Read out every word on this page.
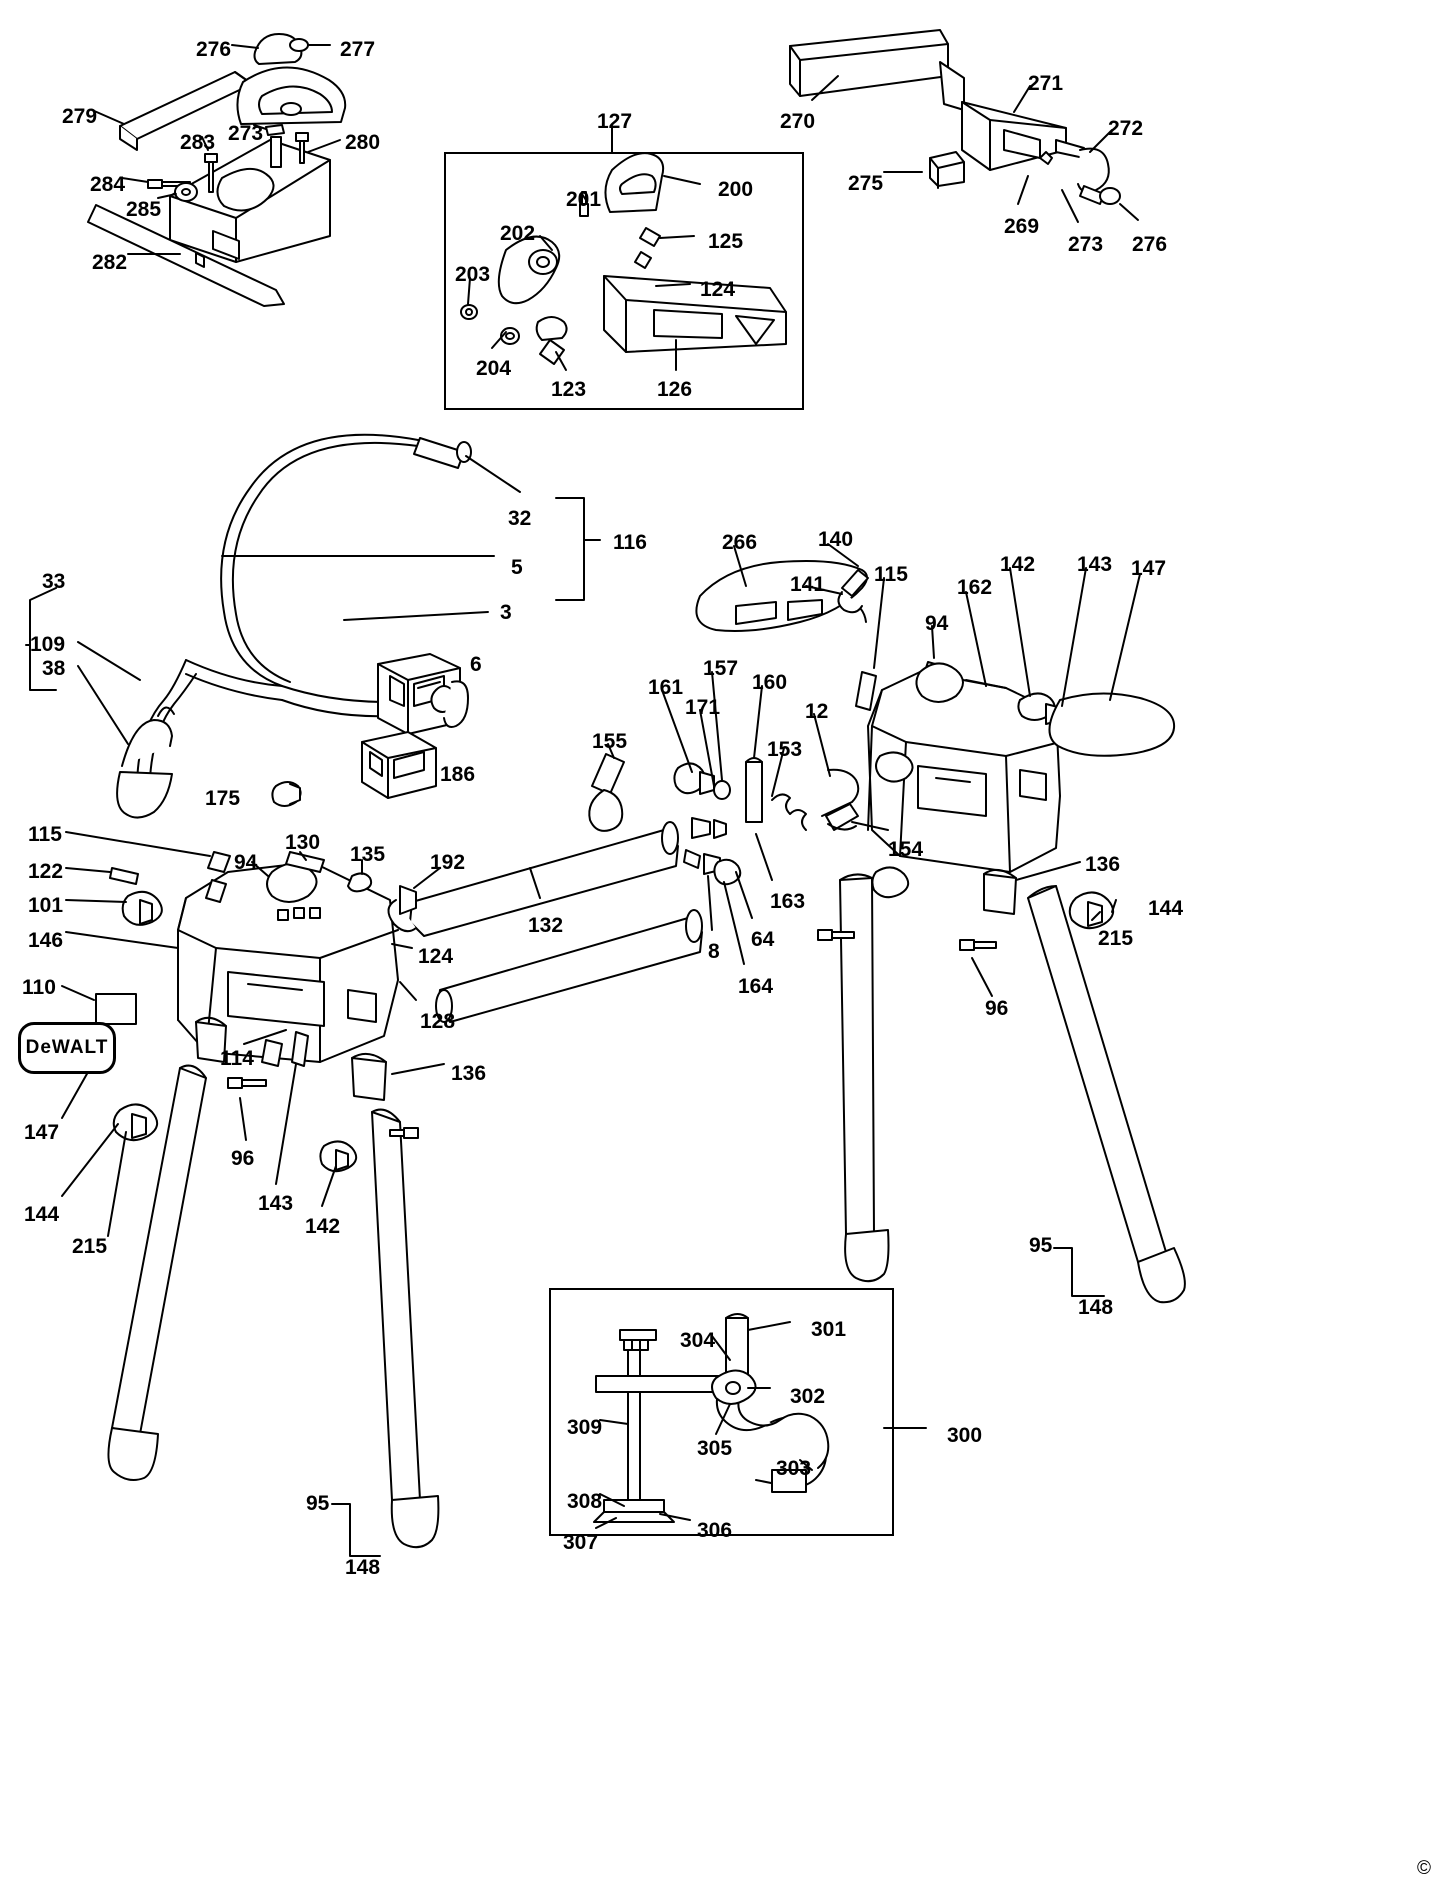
DeWALT
276	277
279
283 273	280
284
285
282
270
271
272
275
269
273 276
127
201	200
202	125
203
124
204
123	126
32
116
5
3
33
109
38	6
186
175
266	140
141 115
94
162
142 143 147
161
157
160
12
171
153
155
154
163
64
8
164
136
144
215
96
95
148
115
122
101
146
110
147
144
215
94
130
135 192
132
124
128
114
136
96
143
142
95
148
301
304
302
309	300
305
303
308
306
307
©
